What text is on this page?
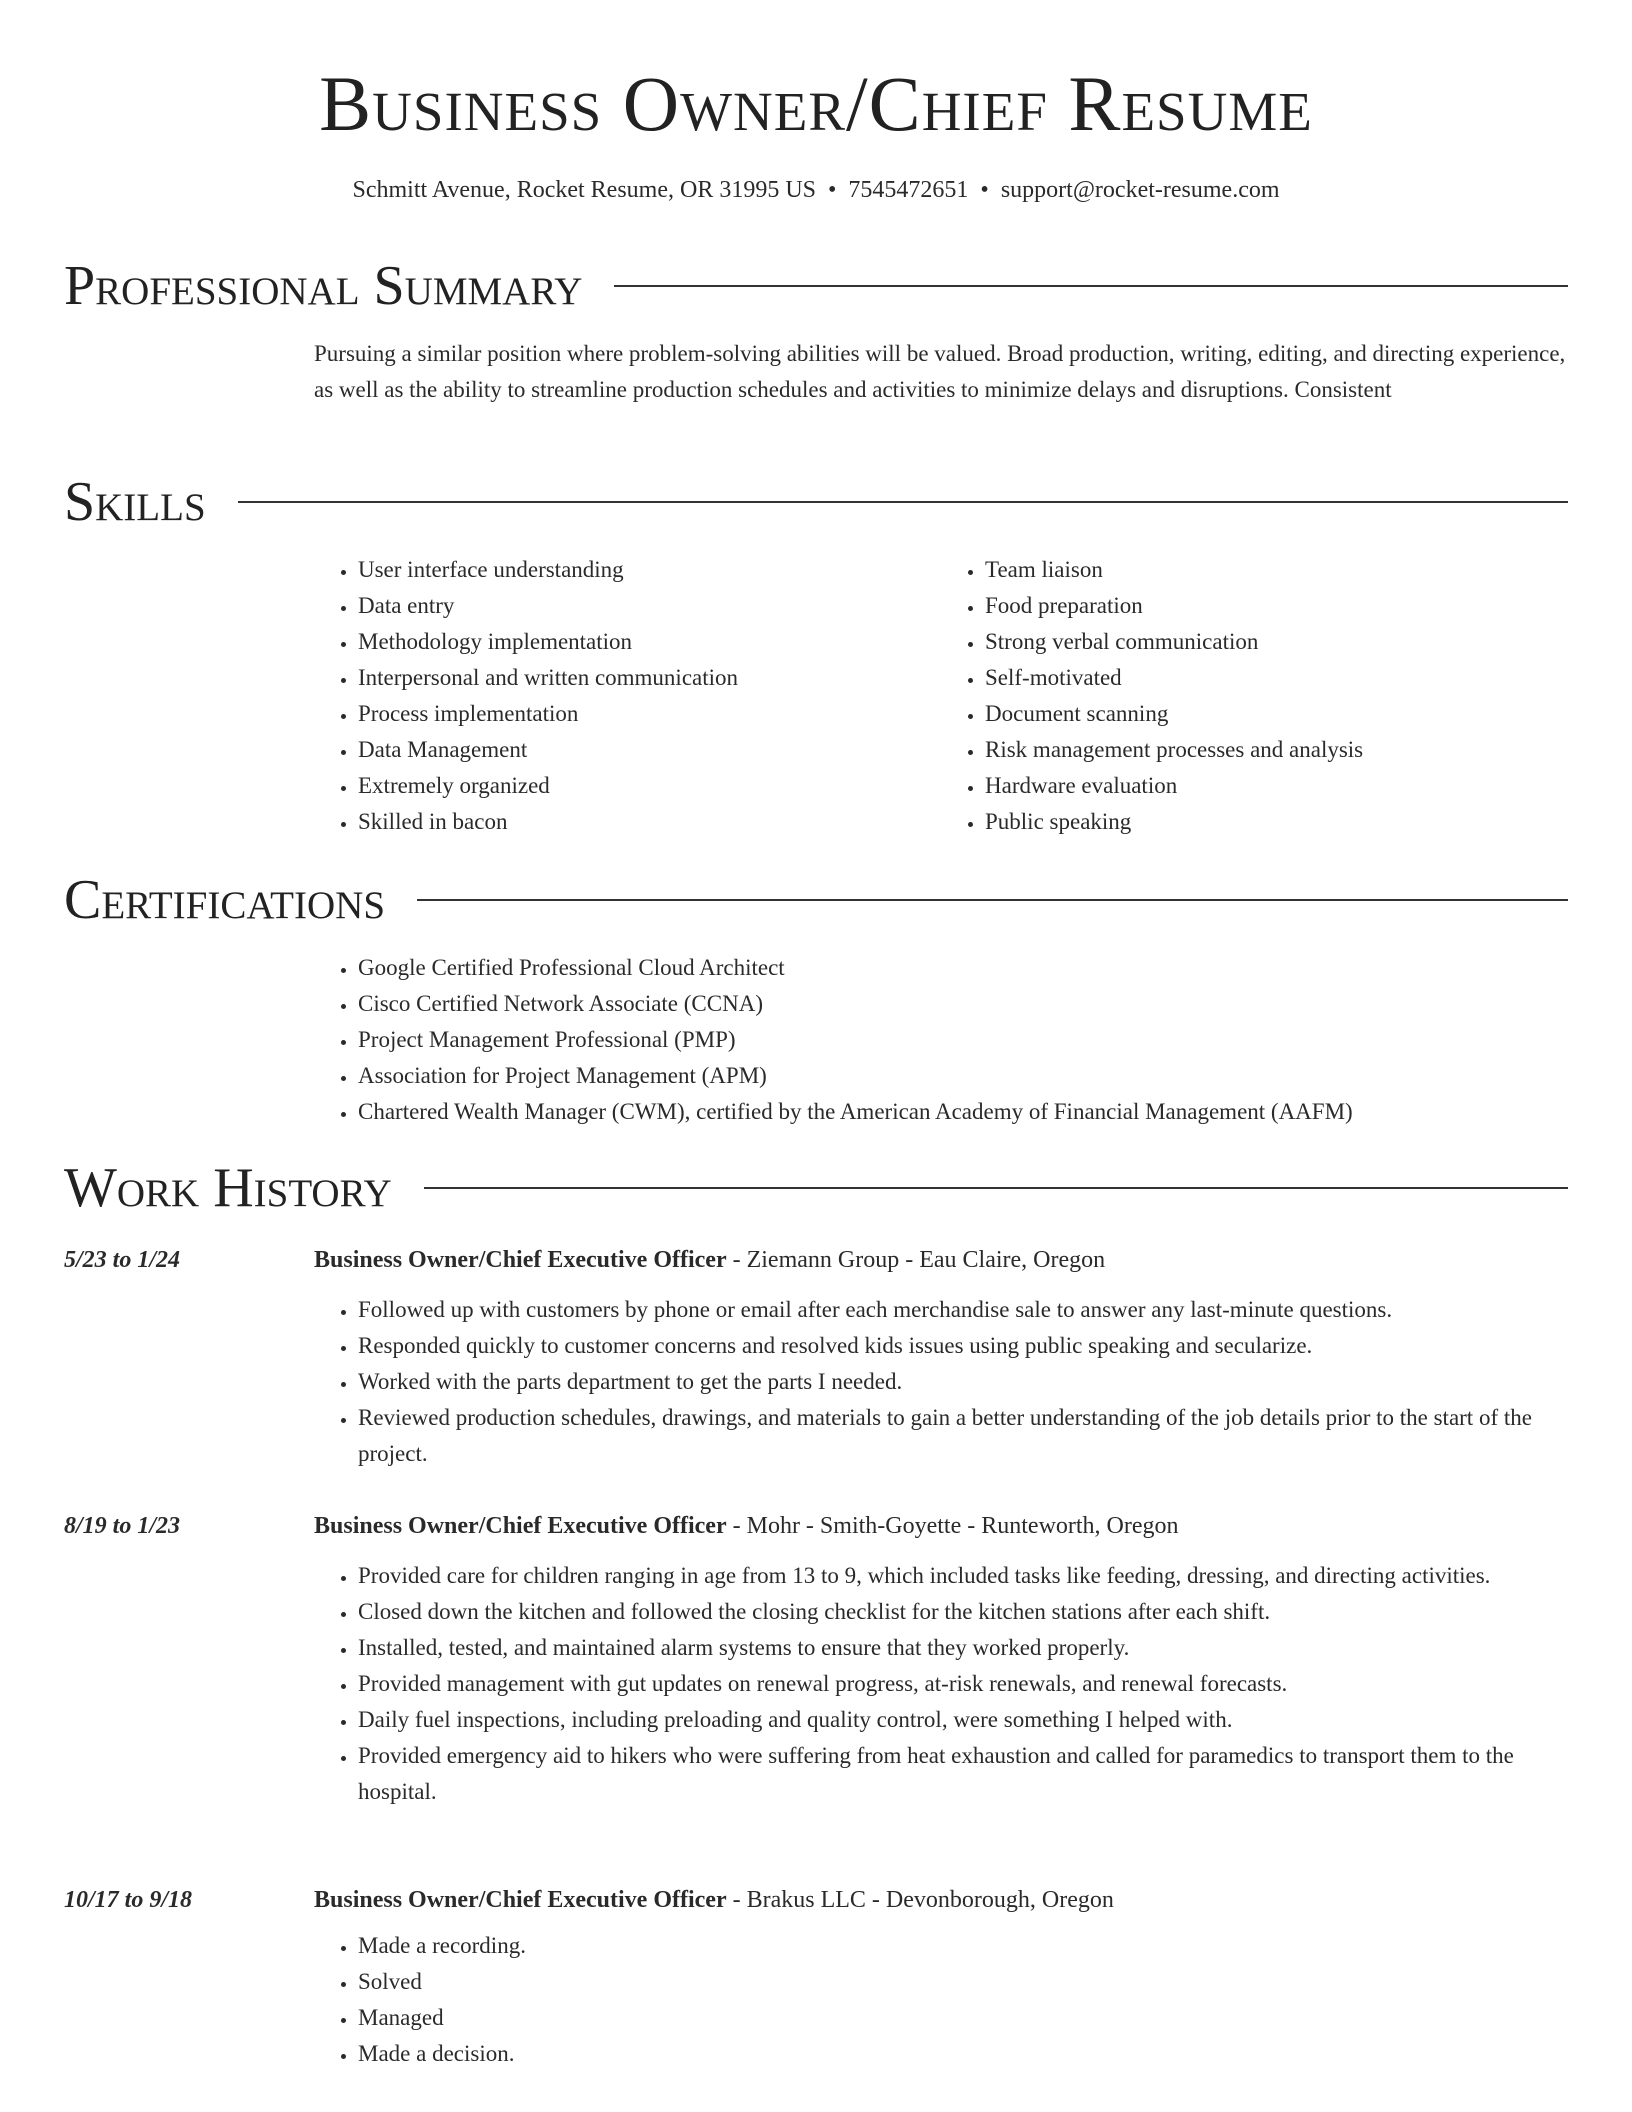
Business Owner/Chief Resume
Schmitt Avenue, Rocket Resume, OR 31995 US • 7545472651 • support@rocket-resume.com
Professional Summary
Pursuing a similar position where problem-solving abilities will be valued. Broad production, writing, editing, and directing experience, as well as the ability to streamline production schedules and activities to minimize delays and disruptions. Consistent
Skills
• User interface understanding
• Data entry
• Methodology implementation
• Interpersonal and written communication
• Process implementation
• Data Management
• Extremely organized
• Skilled in bacon
• Team liaison
• Food preparation
• Strong verbal communication
• Self-motivated
• Document scanning
• Risk management processes and analysis
• Hardware evaluation
• Public speaking
Certifications
• Google Certified Professional Cloud Architect
• Cisco Certified Network Associate (CCNA)
• Project Management Professional (PMP)
• Association for Project Management (APM)
• Chartered Wealth Manager (CWM), certified by the American Academy of Financial Management (AAFM)
Work History
5/23 to 1/24	Business Owner/Chief Executive Officer - Ziemann Group - Eau Claire, Oregon
• Followed up with customers by phone or email after each merchandise sale to answer any last-minute questions.
• Responded quickly to customer concerns and resolved kids issues using public speaking and secularize.
• Worked with the parts department to get the parts I needed.
• Reviewed production schedules, drawings, and materials to gain a better understanding of the job details prior to the start of the project.
8/19 to 1/23	Business Owner/Chief Executive Officer - Mohr - Smith-Goyette - Runteworth, Oregon
• Provided care for children ranging in age from 13 to 9, which included tasks like feeding, dressing, and directing activities.
• Closed down the kitchen and followed the closing checklist for the kitchen stations after each shift.
• Installed, tested, and maintained alarm systems to ensure that they worked properly.
• Provided management with gut updates on renewal progress, at-risk renewals, and renewal forecasts.
• Daily fuel inspections, including preloading and quality control, were something I helped with.
• Provided emergency aid to hikers who were suffering from heat exhaustion and called for paramedics to transport them to the hospital.
10/17 to 9/18	Business Owner/Chief Executive Officer - Brakus LLC - Devonborough, Oregon
• Made a recording.
• Solved
• Managed
• Made a decision.
